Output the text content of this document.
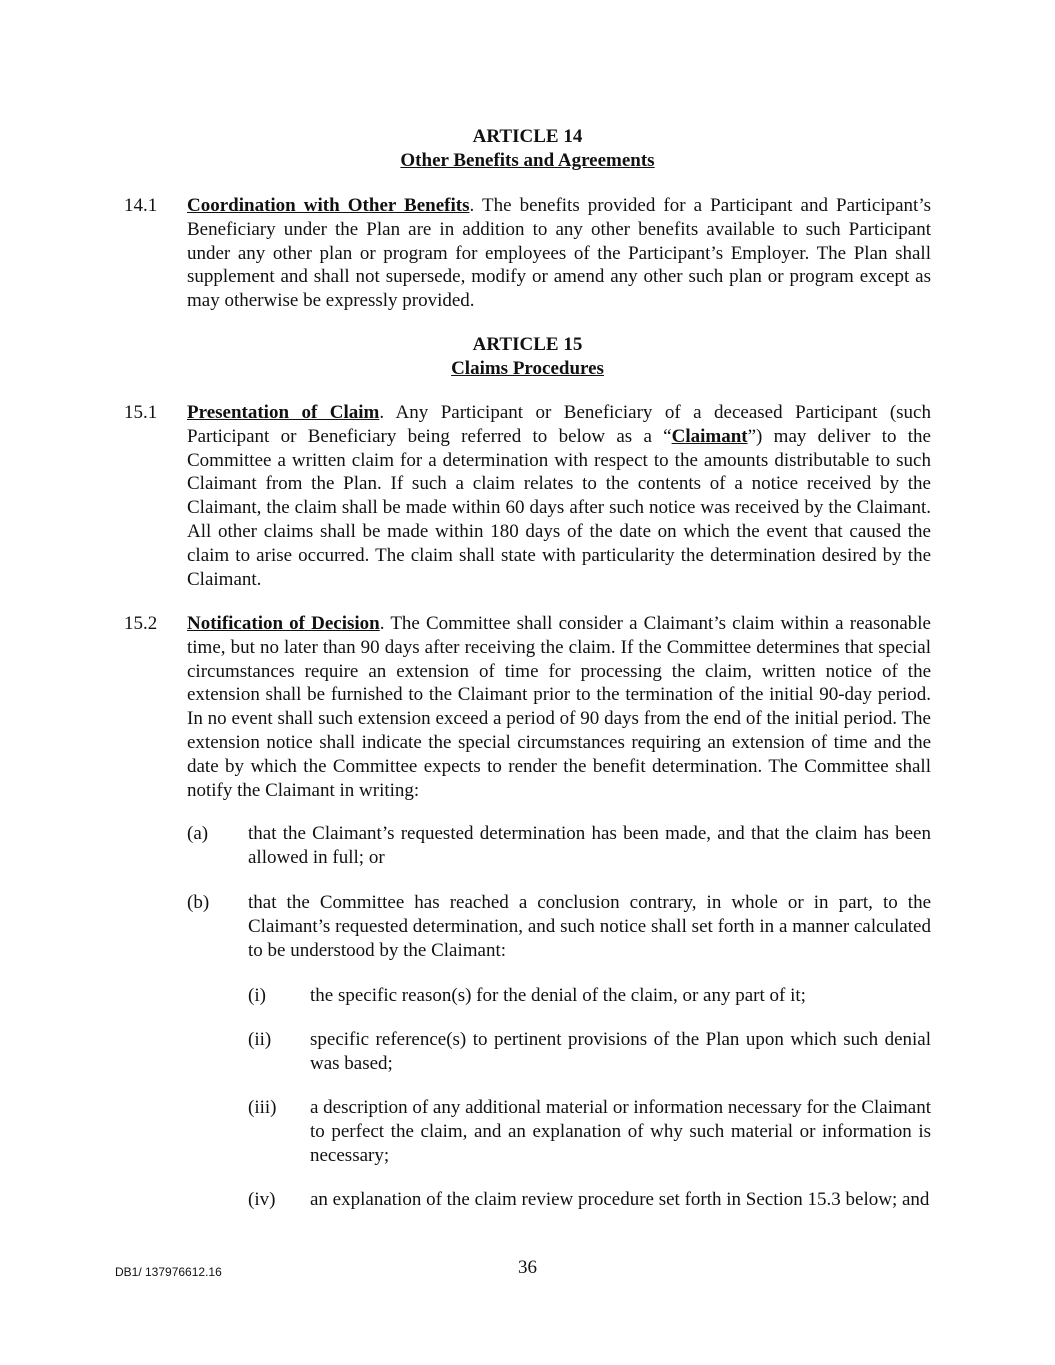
ARTICLE 14
Other Benefits and Agreements
14.1 Coordination with Other Benefits. The benefits provided for a Participant and Participant’s Beneficiary under the Plan are in addition to any other benefits available to such Participant under any other plan or program for employees of the Participant’s Employer. The Plan shall supplement and shall not supersede, modify or amend any other such plan or program except as may otherwise be expressly provided.
ARTICLE 15
Claims Procedures
15.1 Presentation of Claim. Any Participant or Beneficiary of a deceased Participant (such Participant or Beneficiary being referred to below as a “Claimant”) may deliver to the Committee a written claim for a determination with respect to the amounts distributable to such Claimant from the Plan. If such a claim relates to the contents of a notice received by the Claimant, the claim shall be made within 60 days after such notice was received by the Claimant. All other claims shall be made within 180 days of the date on which the event that caused the claim to arise occurred. The claim shall state with particularity the determination desired by the Claimant.
15.2 Notification of Decision. The Committee shall consider a Claimant’s claim within a reasonable time, but no later than 90 days after receiving the claim. If the Committee determines that special circumstances require an extension of time for processing the claim, written notice of the extension shall be furnished to the Claimant prior to the termination of the initial 90-day period. In no event shall such extension exceed a period of 90 days from the end of the initial period. The extension notice shall indicate the special circumstances requiring an extension of time and the date by which the Committee expects to render the benefit determination. The Committee shall notify the Claimant in writing:
(a) that the Claimant’s requested determination has been made, and that the claim has been allowed in full; or
(b) that the Committee has reached a conclusion contrary, in whole or in part, to the Claimant’s requested determination, and such notice shall set forth in a manner calculated to be understood by the Claimant:
(i) the specific reason(s) for the denial of the claim, or any part of it;
(ii) specific reference(s) to pertinent provisions of the Plan upon which such denial was based;
(iii) a description of any additional material or information necessary for the Claimant to perfect the claim, and an explanation of why such material or information is necessary;
(iv) an explanation of the claim review procedure set forth in Section 15.3 below; and
DB1/ 137976612.16	36
